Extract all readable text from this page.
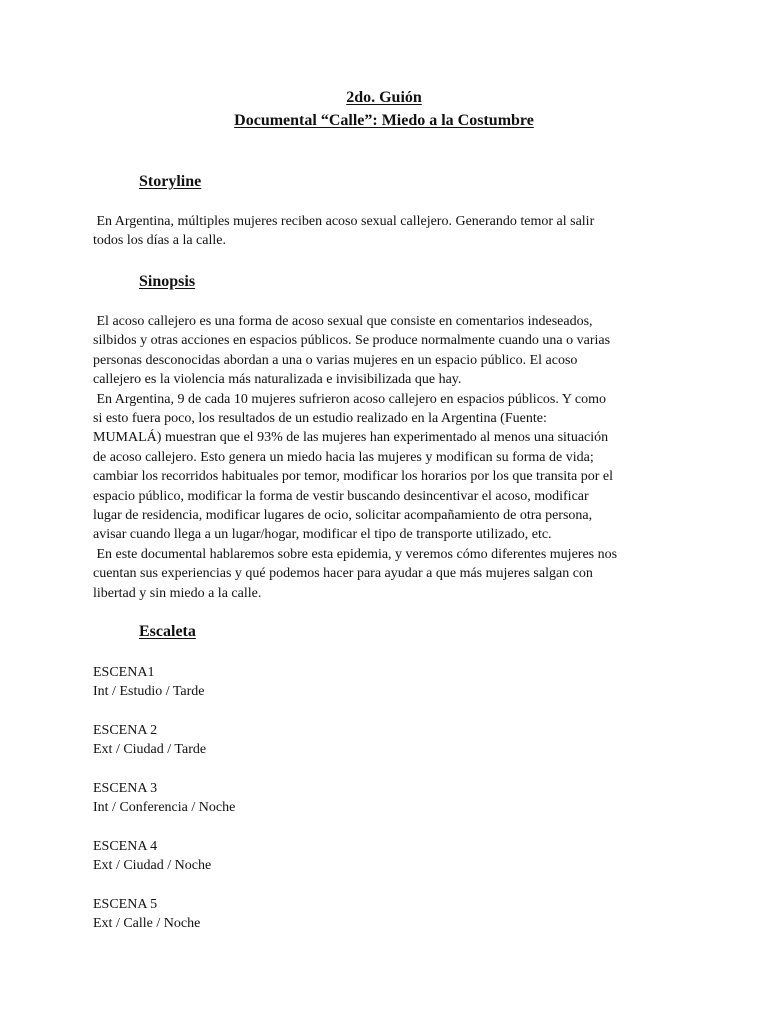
2do. Guión
Documental “Calle”: Miedo a la Costumbre
Storyline

En Argentina, múltiples mujeres reciben acoso sexual callejero. Generando temor al salir
todos los días a la calle.

Sinopsis

El acoso callejero es una forma de acoso sexual que consiste en comentarios indeseados,
silbidos y otras acciones en espacios públicos. Se produce normalmente cuando una o varias
personas desconocidas abordan a una o varias mujeres en un espacio público. El acoso
callejero es la violencia más naturalizada e invisibilizada que hay.
En Argentina, 9 de cada 10 mujeres sufrieron acoso callejero en espacios públicos. Y como
si esto fuera poco, los resultados de un estudio realizado en la Argentina (Fuente:
MUMALÁ) muestran que el 93% de las mujeres han experimentado al menos una situación
de acoso callejero. Esto genera un miedo hacia las mujeres y modifican su forma de vida;
cambiar los recorridos habituales por temor, modificar los horarios por los que transita por el
espacio público, modificar la forma de vestir buscando desincentivar el acoso, modificar
lugar de residencia, modificar lugares de ocio, solicitar acompañamiento de otra persona,
avisar cuando llega a un lugar/hogar, modificar el tipo de transporte utilizado, etc.
En este documental hablaremos sobre esta epidemia, y veremos cómo diferentes mujeres nos
cuentan sus experiencias y qué podemos hacer para ayudar a que más mujeres salgan con
libertad y sin miedo a la calle.

Escaleta
ESCENA1
Int / Estudio / Tarde
ESCENA 2
Ext / Ciudad / Tarde
ESCENA 3
Int / Conferencia / Noche
ESCENA 4
Ext / Ciudad / Noche
ESCENA 5
Ext / Calle / Noche
